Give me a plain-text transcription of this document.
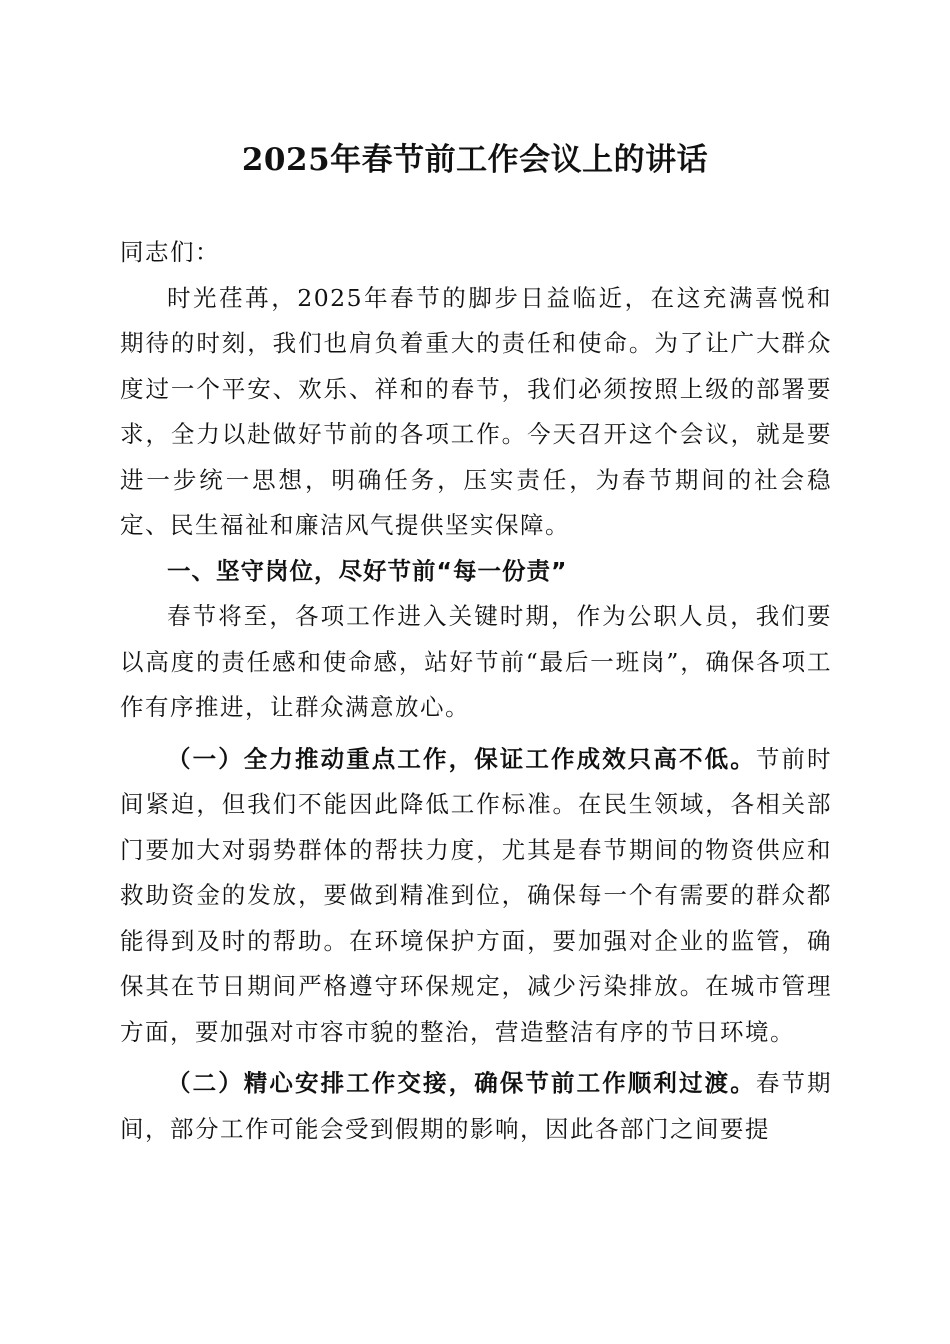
2025年春节前工作会议上的讲话

同志们：

时光荏苒，2025年春节的脚步日益临近，在这充满喜悦和期待的时刻，我们也肩负着重大的责任和使命。为了让广大群众度过一个平安、欢乐、祥和的春节，我们必须按照上级的部署要求，全力以赴做好节前的各项工作。今天召开这个会议，就是要进一步统一思想，明确任务，压实责任，为春节期间的社会稳定、民生福祉和廉洁风气提供坚实保障。

一、坚守岗位，尽好节前“每一份责”

春节将至，各项工作进入关键时期，作为公职人员，我们要以高度的责任感和使命感，站好节前“最后一班岗”，确保各项工作有序推进，让群众满意放心。

（一）全力推动重点工作，保证工作成效只高不低。节前时间紧迫，但我们不能因此降低工作标准。在民生领域，各相关部门要加大对弱势群体的帮扶力度，尤其是春节期间的物资供应和救助资金的发放，要做到精准到位，确保每一个有需要的群众都能得到及时的帮助。在环境保护方面，要加强对企业的监管，确保其在节日期间严格遵守环保规定，减少污染排放。在城市管理方面，要加强对市容市貌的整治，营造整洁有序的节日环境。

（二）精心安排工作交接，确保节前工作顺利过渡。春节期间，部分工作可能会受到假期的影响，因此各部门之间要提
